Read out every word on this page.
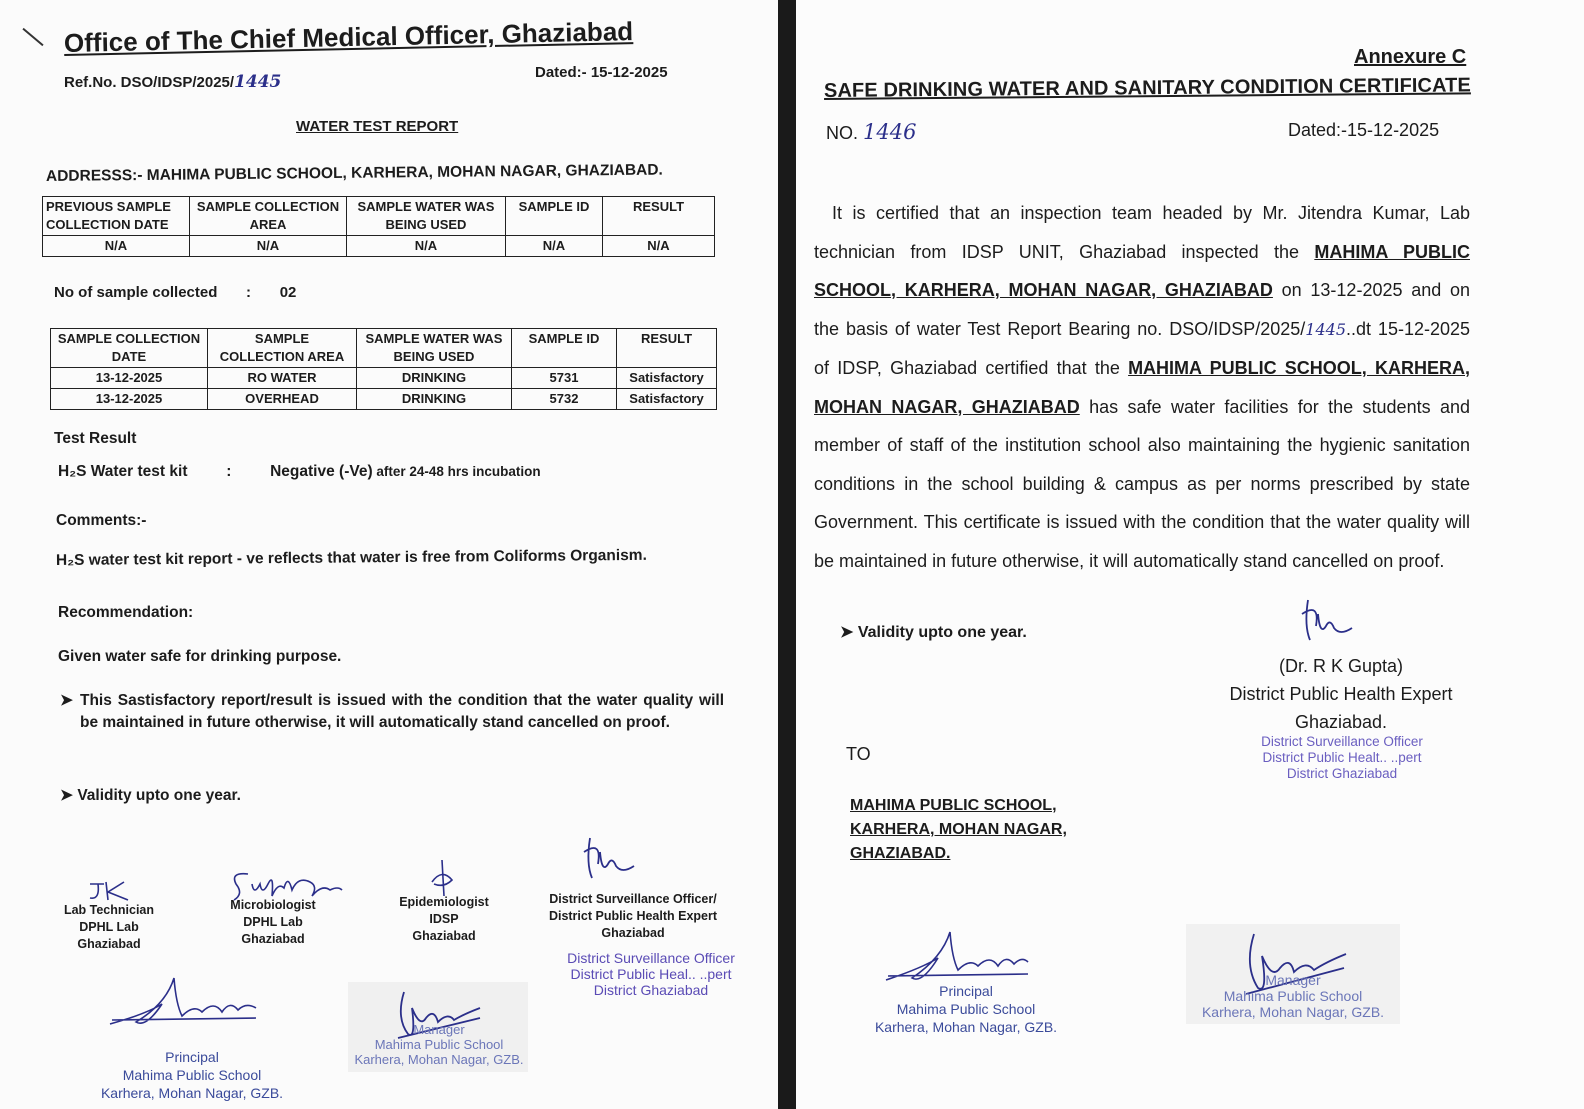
Office of The Chief Medical Officer, Ghaziabad
Ref.No. DSO/IDSP/2025/1445	Dated:- 15-12-2025
WATER TEST REPORT
ADDRESSS:- MAHIMA PUBLIC SCHOOL, KARHERA, MOHAN NAGAR, GHAZIABAD.
PREVIOUS SAMPLE COLLECTION DATE	SAMPLE COLLECTION AREA	SAMPLE WATER WAS BEING USED	SAMPLE ID	RESULT
N/A	N/A	N/A	N/A	N/A
No of sample collected : 02
SAMPLE COLLECTION DATE	SAMPLE COLLECTION AREA	SAMPLE WATER WAS BEING USED	SAMPLE ID	RESULT
13-12-2025	RO WATER	DRINKING	5731	Satisfactory
13-12-2025	OVERHEAD	DRINKING	5732	Satisfactory
Test Result
H₂S Water test kit : Negative (-Ve) after 24-48 hrs incubation
Comments:-
H₂S water test kit report - ve reflects that water is free from Coliforms Organism.
Recommendation:
Given water safe for drinking purpose.
➤ This Sastisfactory report/result is issued with the condition that the water quality will be maintained in future otherwise, it will automatically stand cancelled on proof.
➤ Validity upto one year.
Lab Technician
DPHL Lab
Ghaziabad
Microbiologist
DPHL Lab
Ghaziabad
Epidemiologist
IDSP
Ghaziabad
District Surveillance Officer/
District Public Health Expert
Ghaziabad
District Surveillance Officer
District Public Heal.. ..pert
District Ghaziabad

Principal
Mahima Public School
Karhera, Mohan Nagar, GZB.

Manager
Mahima Public School
Karhera, Mohan Nagar, GZB.
Annexure C
SAFE DRINKING WATER AND SANITARY CONDITION CERTIFICATE
NO. 1446	Dated:-15-12-2025

It is certified that an inspection team headed by Mr. Jitendra Kumar, Lab technician from IDSP UNIT, Ghaziabad inspected the MAHIMA PUBLIC SCHOOL, KARHERA, MOHAN NAGAR, GHAZIABAD on 13-12-2025 and on the basis of water Test Report Bearing no. DSO/IDSP/2025/1445..dt 15-12-2025 of IDSP, Ghaziabad certified that the MAHIMA PUBLIC SCHOOL, KARHERA, MOHAN NAGAR, GHAZIABAD has safe water facilities for the students and member of staff of the institution school also maintaining the hygienic sanitation conditions in the school building & campus as per norms prescribed by state Government. This certificate is issued with the condition that the water quality will be maintained in future otherwise, it will automatically stand cancelled on proof.

➤ Validity upto one year.
(Dr. R K Gupta)
District Public Health Expert
Ghaziabad.
District Surveillance Officer
District Public Healt.. ..pert
District Ghaziabad
TO
MAHIMA PUBLIC SCHOOL,
KARHERA, MOHAN NAGAR,
GHAZIABAD.
Principal
Mahima Public School
Karhera, Mohan Nagar, GZB.
Manager
Mahima Public School
Karhera, Mohan Nagar, GZB.
